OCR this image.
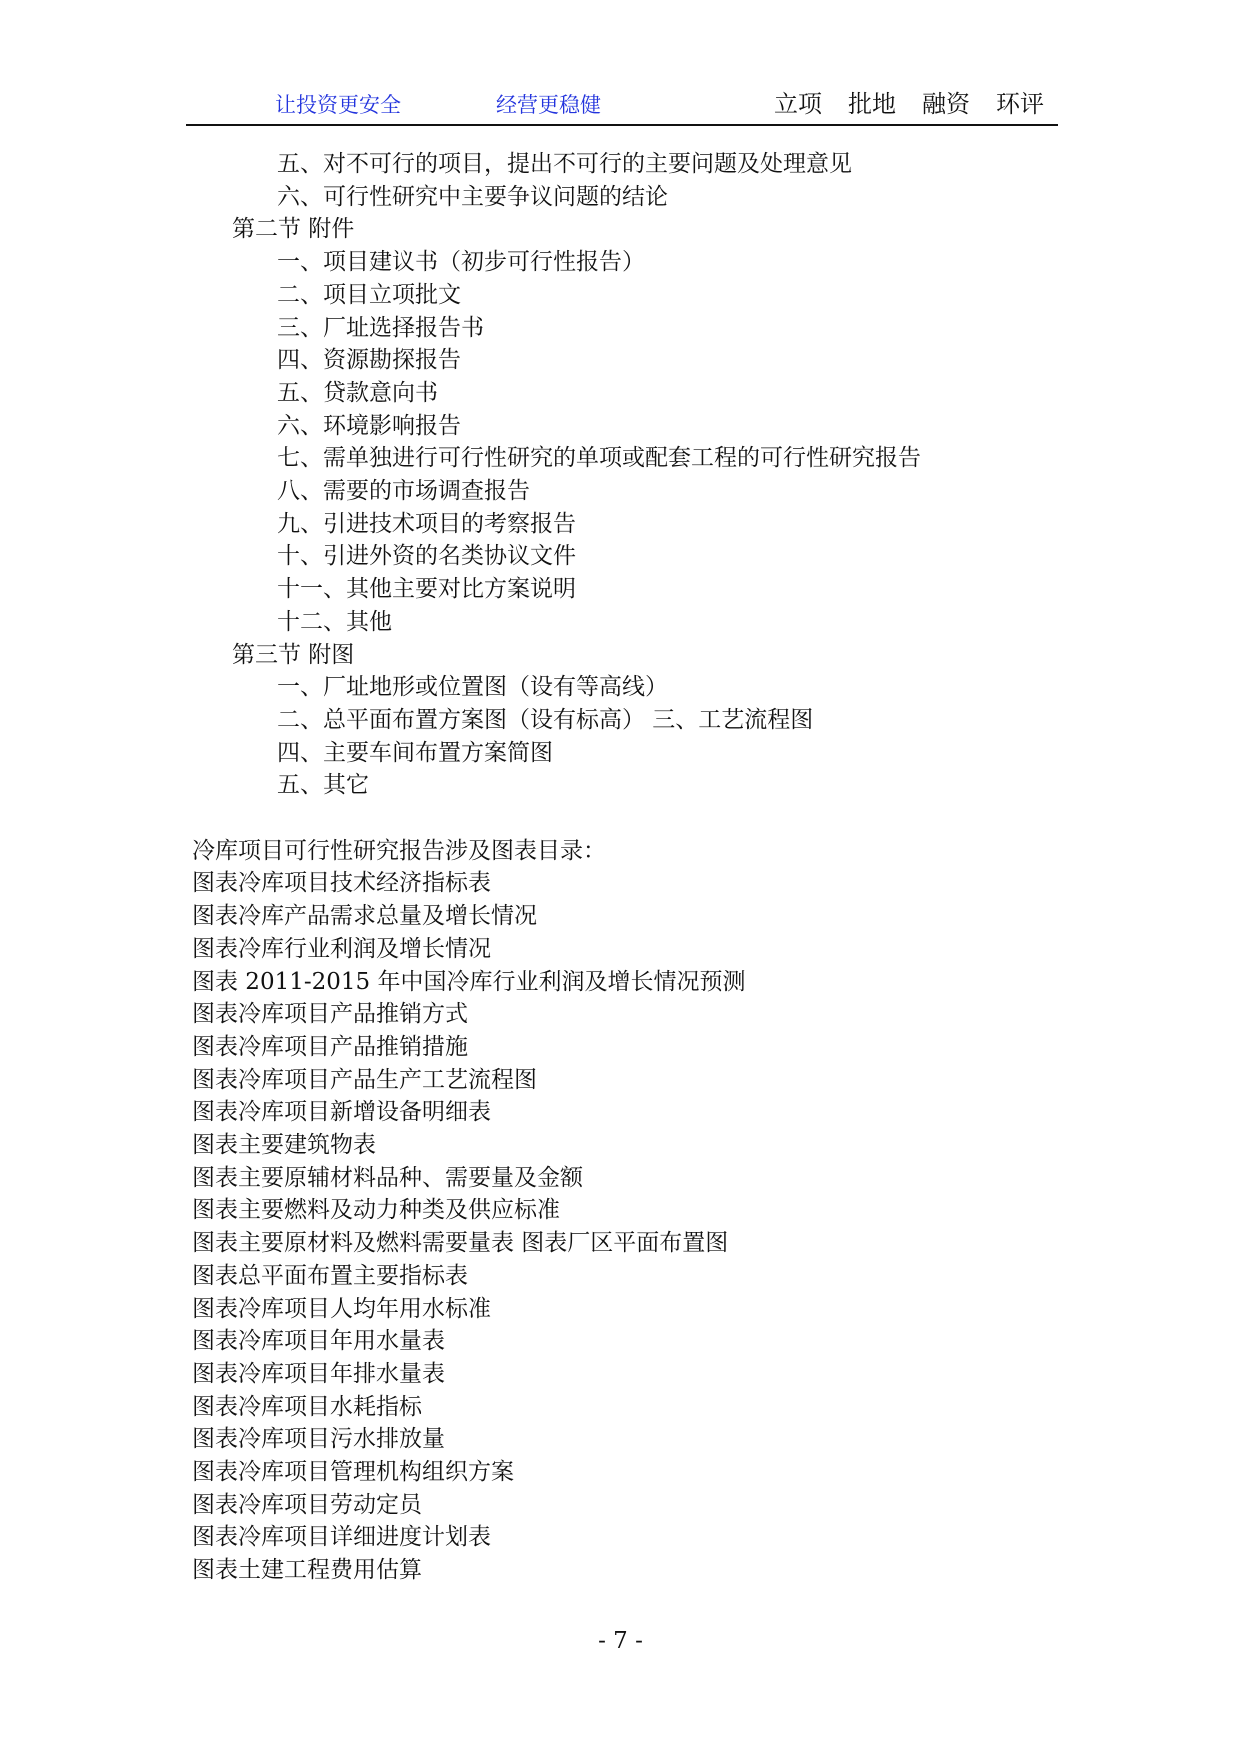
让投资更安全	经营更稳健	立项 批地 融资 环评
五、对不可行的项目，提出不可行的主要问题及处理意见
六、可行性研究中主要争议问题的结论
第二节 附件
一、项目建议书（初步可行性报告）
二、项目立项批文
三、厂址选择报告书
四、资源勘探报告
五、贷款意向书
六、环境影响报告
七、需单独进行可行性研究的单项或配套工程的可行性研究报告
八、需要的市场调查报告
九、引进技术项目的考察报告
十、引进外资的名类协议文件
十一、其他主要对比方案说明
十二、其他
第三节 附图
一、厂址地形或位置图（设有等高线）
二、总平面布置方案图（设有标高） 三、工艺流程图
四、主要车间布置方案简图
五、其它
冷库项目可行性研究报告涉及图表目录：
图表冷库项目技术经济指标表
图表冷库产品需求总量及增长情况
图表冷库行业利润及增长情况
图表 2011-2015 年中国冷库行业利润及增长情况预测
图表冷库项目产品推销方式
图表冷库项目产品推销措施
图表冷库项目产品生产工艺流程图
图表冷库项目新增设备明细表
图表主要建筑物表
图表主要原辅材料品种、需要量及金额
图表主要燃料及动力种类及供应标准
图表主要原材料及燃料需要量表 图表厂区平面布置图
图表总平面布置主要指标表
图表冷库项目人均年用水标准
图表冷库项目年用水量表
图表冷库项目年排水量表
图表冷库项目水耗指标
图表冷库项目污水排放量
图表冷库项目管理机构组织方案
图表冷库项目劳动定员
图表冷库项目详细进度计划表
图表土建工程费用估算
- 7 -
